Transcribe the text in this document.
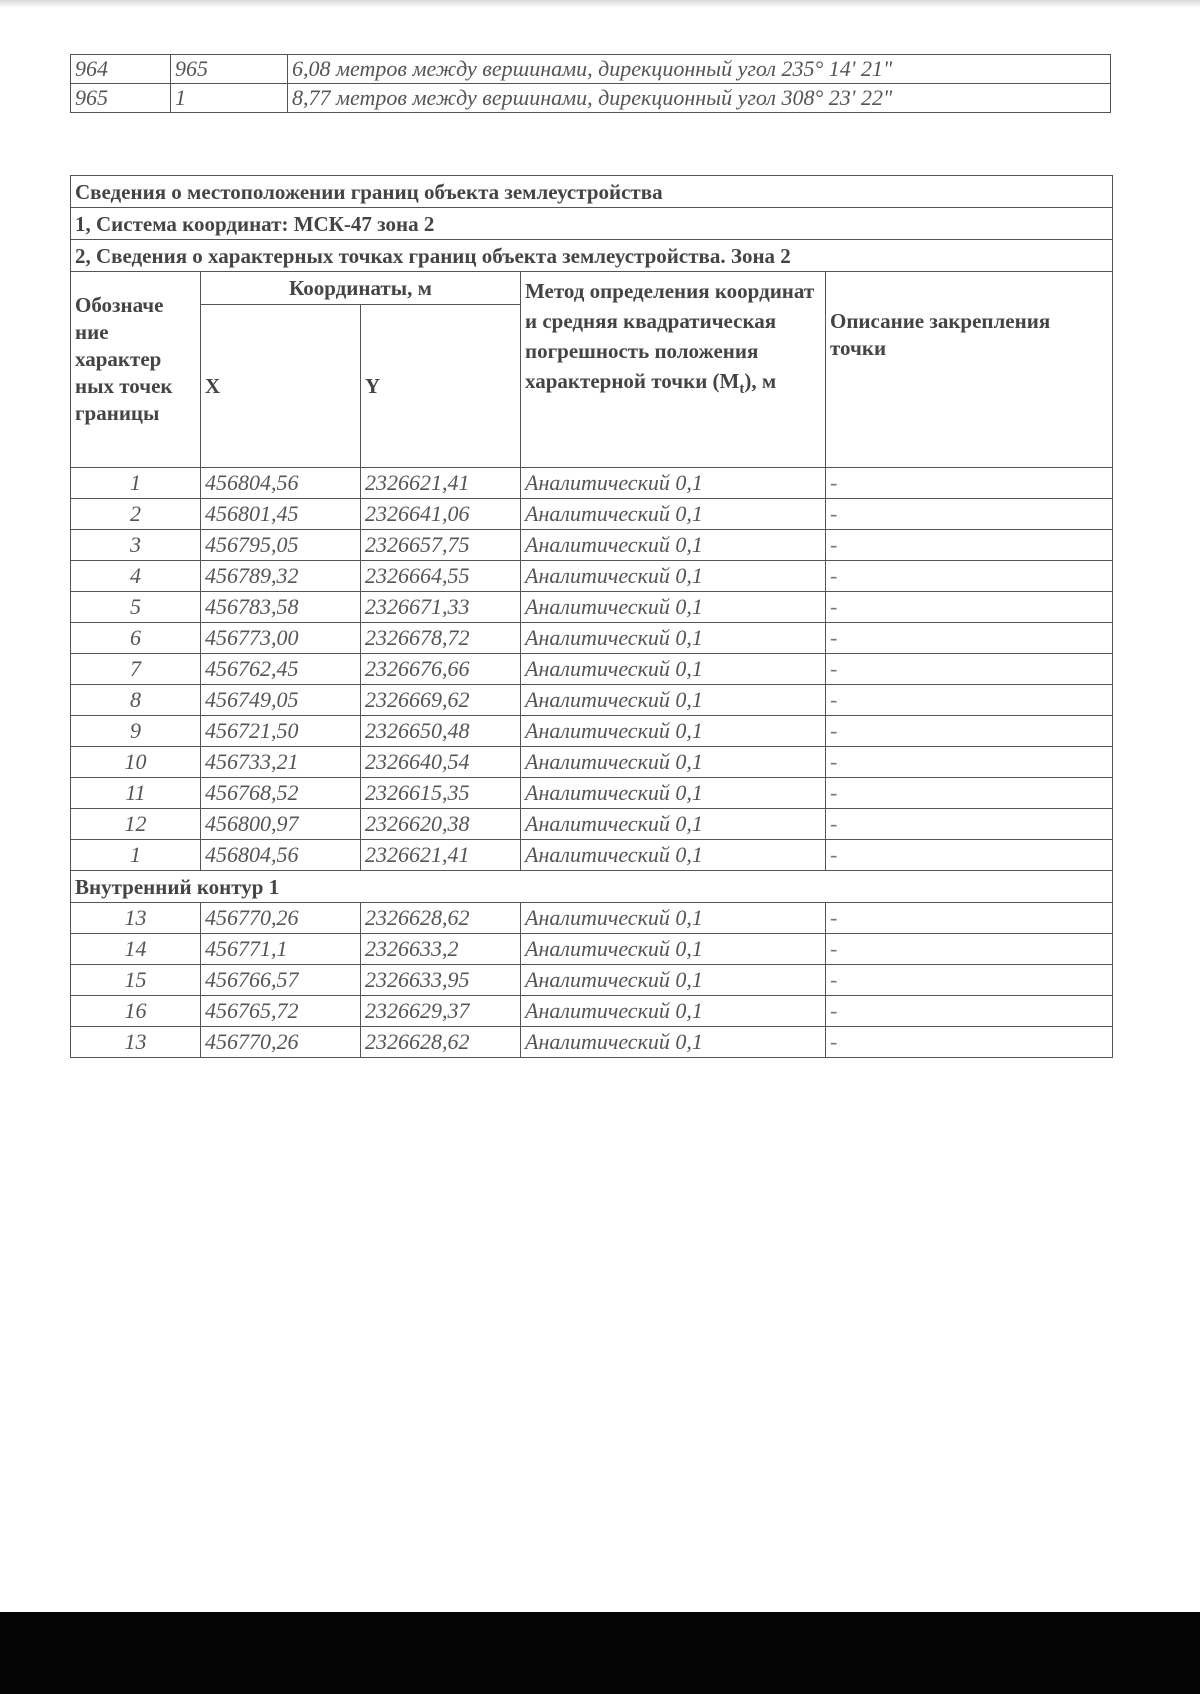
964	965	6,08 метров между вершинами, дирекционный угол 235° 14' 21"
965	1	8,77 метров между вершинами, дирекционный угол 308° 23' 22"
Сведения о местоположении границ объекта землеустройства				
1, Система координат: МСК-47 зона 2				
2, Сведения о характерных точках границ объекта землеустройства. Зона 2				
Обозначе ние характер ных точек границы	Координаты, м		Метод определения координат и средняя квадратическая погрешность положения характерной точки $(M_t)$, м	Описание закрепления точки
	X	Y		
1	456804,56	2326621,41	Аналитический 0,1	-
2	456801,45	2326641,06	Аналитический 0,1	-
3	456795,05	2326657,75	Аналитический 0,1	-
4	456789,32	2326664,55	Аналитический 0,1	-
5	456783,58	2326671,33	Аналитический 0,1	-
6	456773,00	2326678,72	Аналитический 0,1	-
7	456762,45	2326676,66	Аналитический 0,1	-
8	456749,05	2326669,62	Аналитический 0,1	-
9	456721,50	2326650,48	Аналитический 0,1	-
10	456733,21	2326640,54	Аналитический 0,1	-
11	456768,52	2326615,35	Аналитический 0,1	-
12	456800,97	2326620,38	Аналитический 0,1	-
1	456804,56	2326621,41	Аналитический 0,1	-
Внутренний контур 1				
13	456770,26	2326628,62	Аналитический 0,1	-
14	456771,1	2326633,2	Аналитический 0,1	-
15	456766,57	2326633,95	Аналитический 0,1	-
16	456765,72	2326629,37	Аналитический 0,1	-
13	456770,26	2326628,62	Аналитический 0,1	-
